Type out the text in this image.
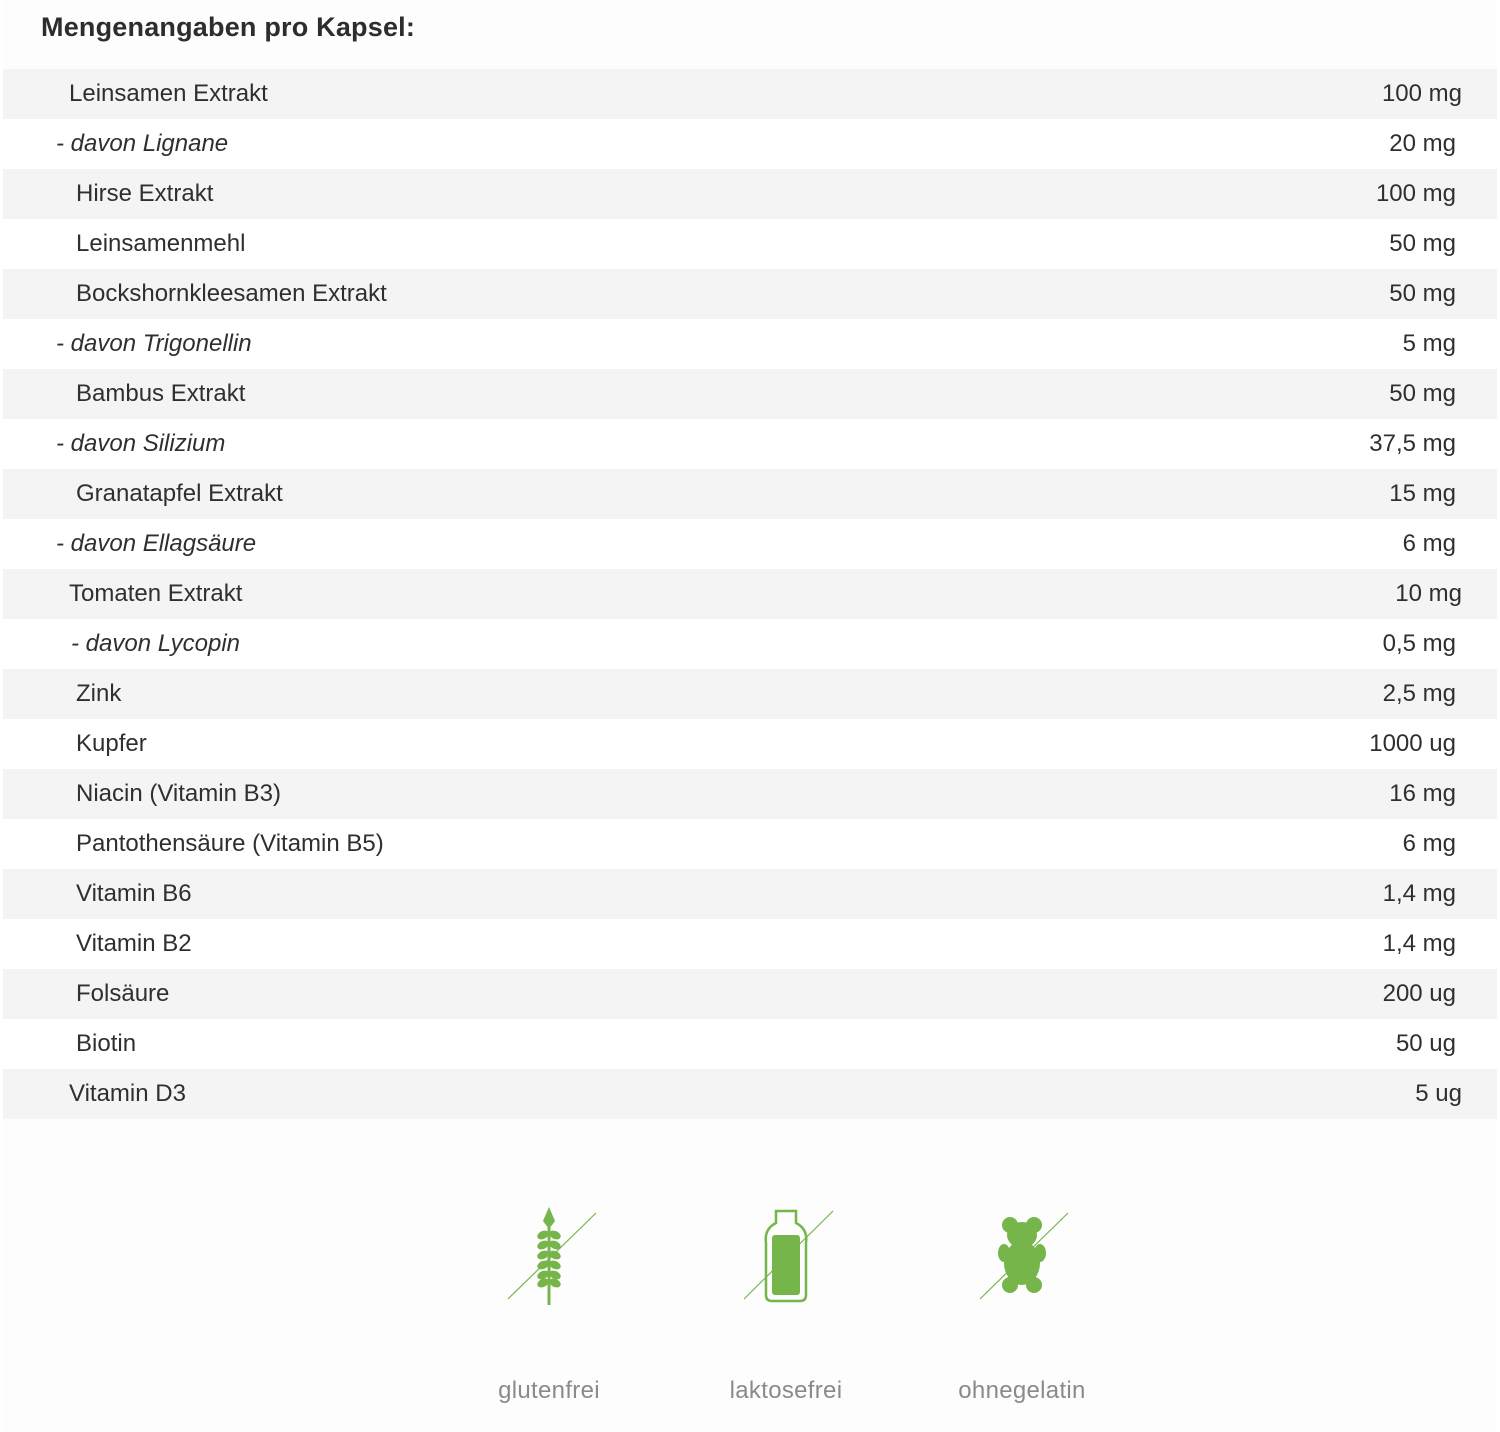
Mengenangaben pro Kapsel:
Leinsamen Extrakt	100 mg
- davon Lignane	20 mg
Hirse Extrakt	100 mg
Leinsamenmehl	50 mg
Bockshornkleesamen Extrakt	50 mg
- davon Trigonellin	5 mg
Bambus Extrakt	50 mg
- davon Silizium	37,5 mg
Granatapfel Extrakt	15 mg
- davon Ellagsäure	6 mg
Tomaten Extrakt	10 mg
- davon Lycopin	0,5 mg
Zink	2,5 mg
Kupfer	1000 ug
Niacin (Vitamin B3)	16 mg
Pantothensäure (Vitamin B5)	6 mg
Vitamin B6	1,4 mg
Vitamin B2	1,4 mg
Folsäure	200 ug
Biotin	50 ug
Vitamin D3	5 ug
glutenfrei	laktosefrei	ohnegelatin
